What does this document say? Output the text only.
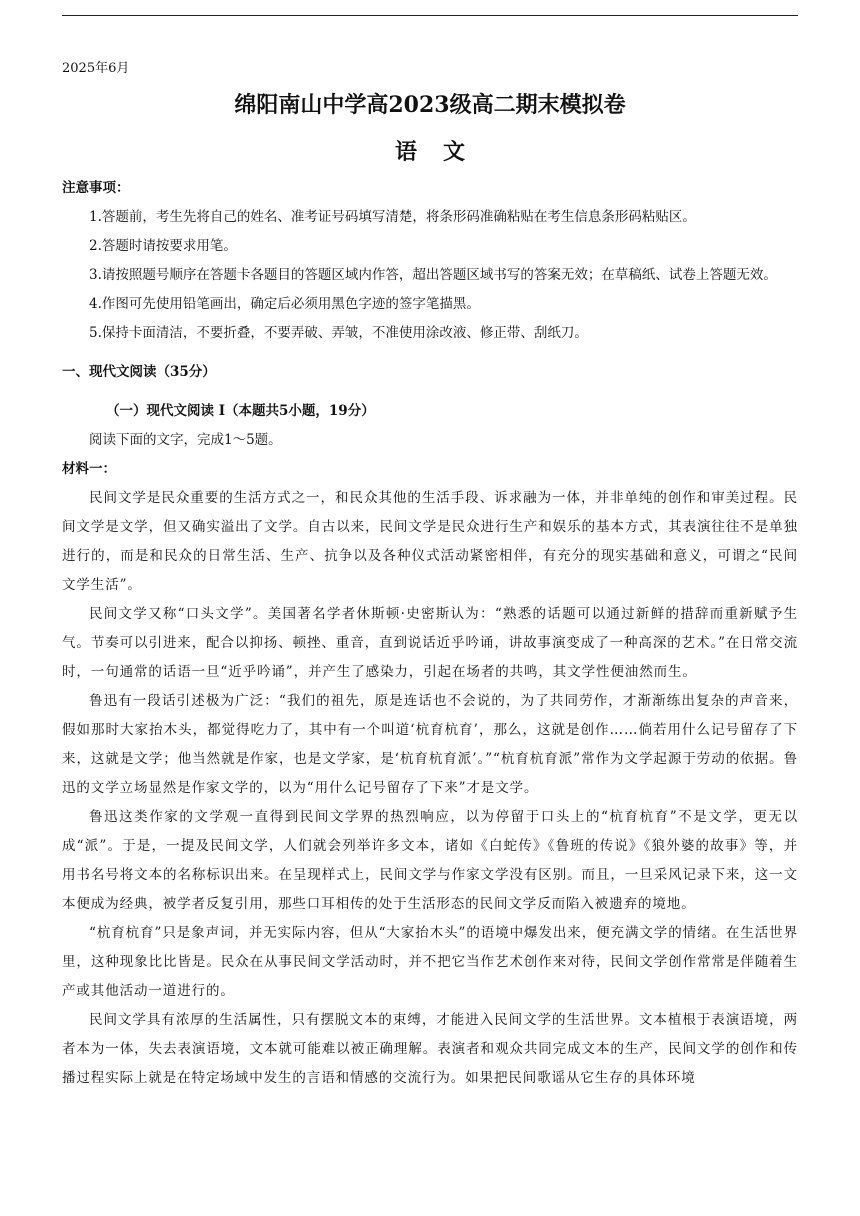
2025年6月

绵阳南山中学高2023级高二期末模拟卷
语文

注意事项：

1.答题前，考生先将自己的姓名、准考证号码填写清楚，将条形码准确粘贴在考生信息条形码粘贴区。

2.答题时请按要求用笔。

3.请按照题号顺序在答题卡各题目的答题区域内作答，超出答题区域书写的答案无效；在草稿纸、试卷上答题无效。

4.作图可先使用铅笔画出，确定后必须用黑色字迹的签字笔描黑。

5.保持卡面清洁，不要折叠，不要弄破、弄皱，不准使用涂改液、修正带、刮纸刀。

一、现代文阅读（35分）

（一）现代文阅读 I（本题共5小题，19分）

阅读下面的文字，完成1～5题。

材料一：

民间文学是民众重要的生活方式之一，和民众其他的生活手段、诉求融为一体，并非单纯的创作和审美过程。民间文学是文学，但又确实溢出了文学。自古以来，民间文学是民众进行生产和娱乐的基本方式，其表演往往不是单独进行的，而是和民众的日常生活、生产、抗争以及各种仪式活动紧密相伴，有充分的现实基础和意义，可谓之“民间文学生活”。

民间文学又称“口头文学”。美国著名学者休斯顿·史密斯认为：“熟悉的话题可以通过新鲜的措辞而重新赋予生气。节奏可以引进来，配合以抑扬、顿挫、重音，直到说话近乎吟诵，讲故事演变成了一种高深的艺术。”在日常交流时，一句通常的话语一旦“近乎吟诵”，并产生了感染力，引起在场者的共鸣，其文学性便油然而生。

鲁迅有一段话引述极为广泛：“我们的祖先，原是连话也不会说的，为了共同劳作，才渐渐练出复杂的声音来，假如那时大家抬木头，都觉得吃力了，其中有一个叫道‘杭育杭育’，那么，这就是创作……倘若用什么记号留存了下来，这就是文学；他当然就是作家，也是文学家，是‘杭育杭育派’。”“杭育杭育派”常作为文学起源于劳动的依据。鲁迅的文学立场显然是作家文学的，以为“用什么记号留存了下来”才是文学。

鲁迅这类作家的文学观一直得到民间文学界的热烈响应，以为停留于口头上的“杭育杭育”不是文学，更无以成“派”。于是，一提及民间文学，人们就会列举许多文本，诸如《白蛇传》《鲁班的传说》《狼外婆的故事》等，并用书名号将文本的名称标识出来。在呈现样式上，民间文学与作家文学没有区别。而且，一旦采风记录下来，这一文本便成为经典，被学者反复引用，那些口耳相传的处于生活形态的民间文学反而陷入被遗弃的境地。

“杭育杭育”只是象声词，并无实际内容，但从“大家抬木头”的语境中爆发出来，便充满文学的情绪。在生活世界里，这种现象比比皆是。民众在从事民间文学活动时，并不把它当作艺术创作来对待，民间文学创作常常是伴随着生产或其他活动一道进行的。

民间文学具有浓厚的生活属性，只有摆脱文本的束缚，才能进入民间文学的生活世界。文本植根于表演语境，两者本为一体，失去表演语境，文本就可能难以被正确理解。表演者和观众共同完成文本的生产，民间文学的创作和传播过程实际上就是在特定场域中发生的言语和情感的交流行为。如果把民间歌谣从它生存的具体环境
